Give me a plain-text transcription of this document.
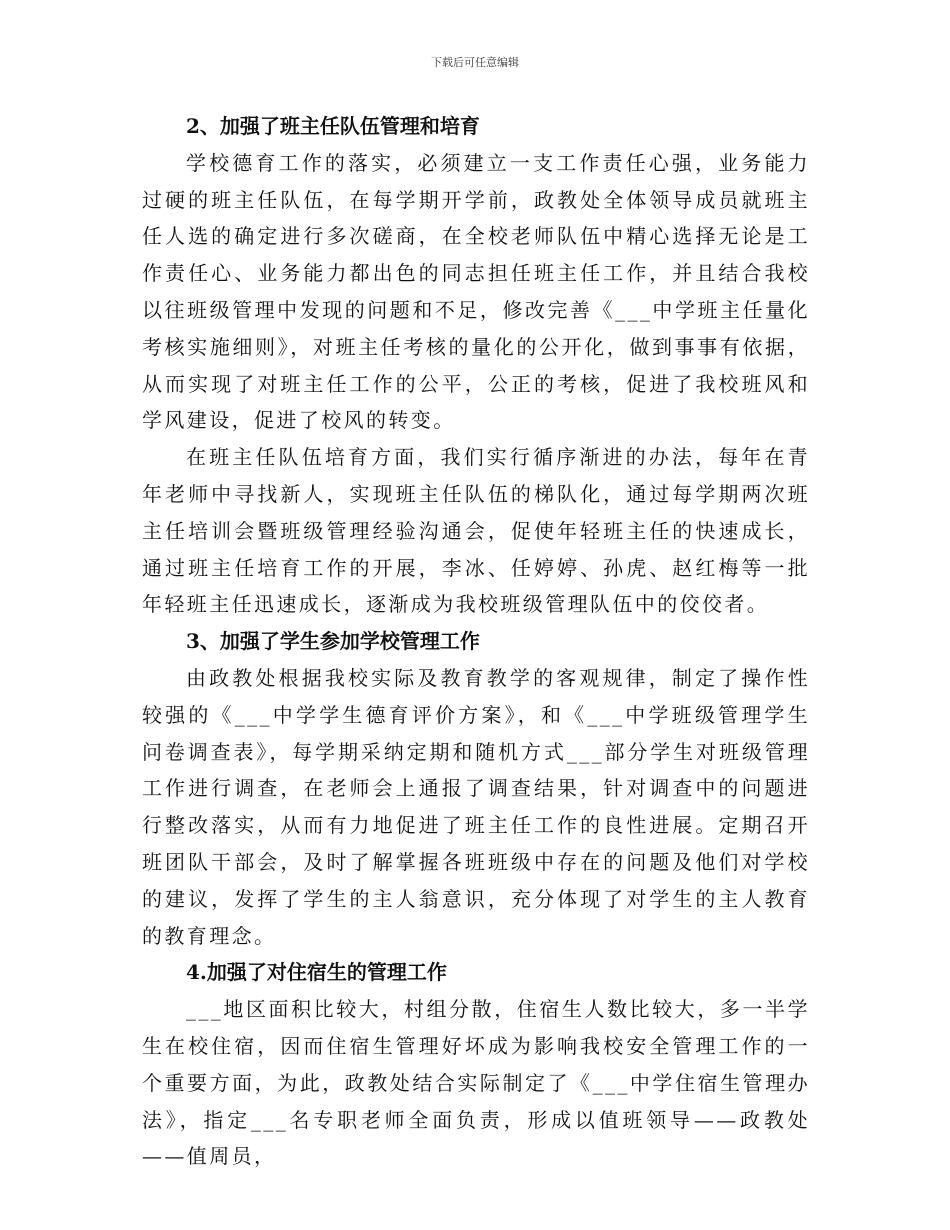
下载后可任意编辑
2、加强了班主任队伍管理和培育

学校德育工作的落实，必须建立一支工作责任心强，业务能力过硬的班主任队伍，在每学期开学前，政教处全体领导成员就班主任人选的确定进行多次磋商，在全校老师队伍中精心选择无论是工作责任心、业务能力都出色的同志担任班主任工作，并且结合我校以往班级管理中发现的问题和不足，修改完善《___中学班主任量化考核实施细则》，对班主任考核的量化的公开化，做到事事有依据，从而实现了对班主任工作的公平，公正的考核，促进了我校班风和学风建设，促进了校风的转变。

在班主任队伍培育方面，我们实行循序渐进的办法，每年在青年老师中寻找新人，实现班主任队伍的梯队化，通过每学期两次班主任培训会暨班级管理经验沟通会，促使年轻班主任的快速成长，通过班主任培育工作的开展，李冰、任婷婷、孙虎、赵红梅等一批年轻班主任迅速成长，逐渐成为我校班级管理队伍中的佼佼者。

3、加强了学生参加学校管理工作

由政教处根据我校实际及教育教学的客观规律，制定了操作性较强的《___中学学生德育评价方案》，和《___中学班级管理学生问卷调查表》，每学期采纳定期和随机方式___部分学生对班级管理工作进行调查，在老师会上通报了调查结果，针对调查中的问题进行整改落实，从而有力地促进了班主任工作的良性进展。定期召开班团队干部会，及时了解掌握各班班级中存在的问题及他们对学校的建议，发挥了学生的主人翁意识，充分体现了对学生的主人教育的教育理念。

4.加强了对住宿生的管理工作

___地区面积比较大，村组分散，住宿生人数比较大，多一半学生在校住宿，因而住宿生管理好坏成为影响我校安全管理工作的一个重要方面，为此，政教处结合实际制定了《___中学住宿生管理办法》，指定___名专职老师全面负责，形成以值班领导——政教处——值周员，
